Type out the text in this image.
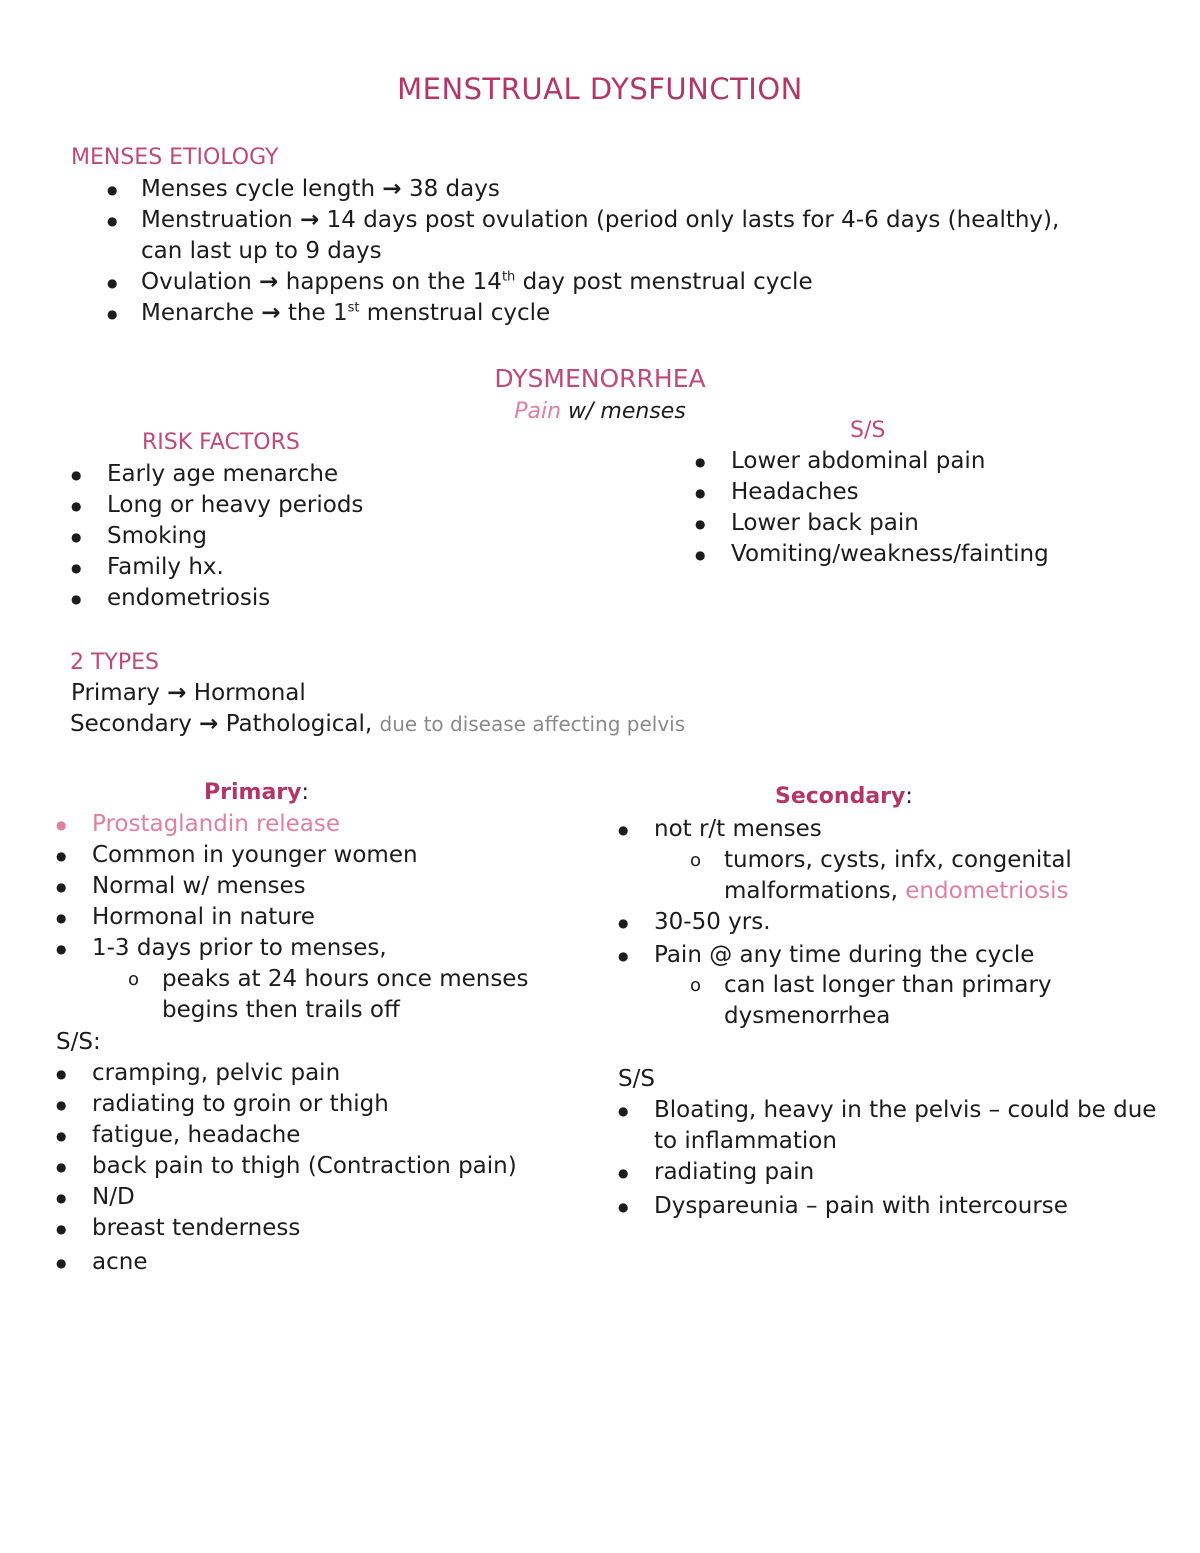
MENSTRUAL DYSFUNCTION
MENSES ETIOLOGY
● Menses cycle length → 38 days
● Menstruation → 14 days post ovulation (period only lasts for 4-6 days (healthy),
can last up to 9 days
● Ovulation → happens on the 14th day post menstrual cycle
● Menarche → the 1st menstrual cycle
DYSMENORRHEA
Pain w/ menses
RISK FACTORS
● Early age menarche
● Long or heavy periods
● Smoking
● Family hx.
● endometriosis
S/S
● Lower abdominal pain
● Headaches
● Lower back pain
● Vomiting/weakness/fainting
2 TYPES
Primary → Hormonal
Secondary → Pathological, due to disease affecting pelvis
Primary:
● Prostaglandin release
● Common in younger women
● Normal w/ menses
● Hormonal in nature
● 1-3 days prior to menses,
o peaks at 24 hours once menses
begins then trails off
S/S:
● cramping, pelvic pain
● radiating to groin or thigh
● fatigue, headache
● back pain to thigh (Contraction pain)
● N/D
● breast tenderness
● acne
Secondary:
● not r/t menses
o tumors, cysts, infx, congenital
malformations, endometriosis
● 30-50 yrs.
● Pain @ any time during the cycle
o can last longer than primary
dysmenorrhea
S/S
● Bloating, heavy in the pelvis – could be due
to inflammation
● radiating pain
● Dyspareunia – pain with intercourse
